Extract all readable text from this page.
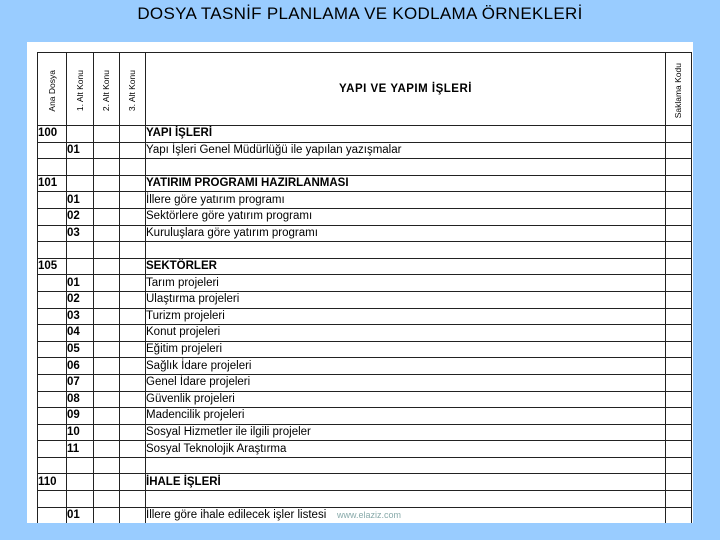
DOSYA TASNİF PLANLAMA VE KODLAMA ÖRNEKLERİ
Ana Dosya	1. Alt Konu	2. Alt Konu	3. Alt Konu	YAPI VE YAPIM İŞLERİ	Saklama Kodu

100				YAPI İŞLERİ	
	01			Yapı İşleri Genel Müdürlüğü ile yapılan yazışmalar	

101				YATIRIM PROGRAMI HAZIRLANMASI	
	01			İllere göre yatırım programı	
	02			Sektörlere göre yatırım programı	
	03			Kuruluşlara göre yatırım programı	

105				SEKTÖRLER	
	01			Tarım projeleri	
	02			Ulaştırma projeleri	
	03			Turizm projeleri	
	04			Konut projeleri	
	05			Eğitim projeleri	
	06			Sağlık İdare projeleri	
	07			Genel İdare projeleri	
	08			Güvenlik projeleri	
	09			Madencilik projeleri	
	10			Sosyal Hizmetler ile ilgili projeler	
	11			Sosyal Teknolojik Araştırma	

110				İHALE İŞLERİ	

	01			İllere göre ihale edilecek işler listesi	www.elaziz.com
